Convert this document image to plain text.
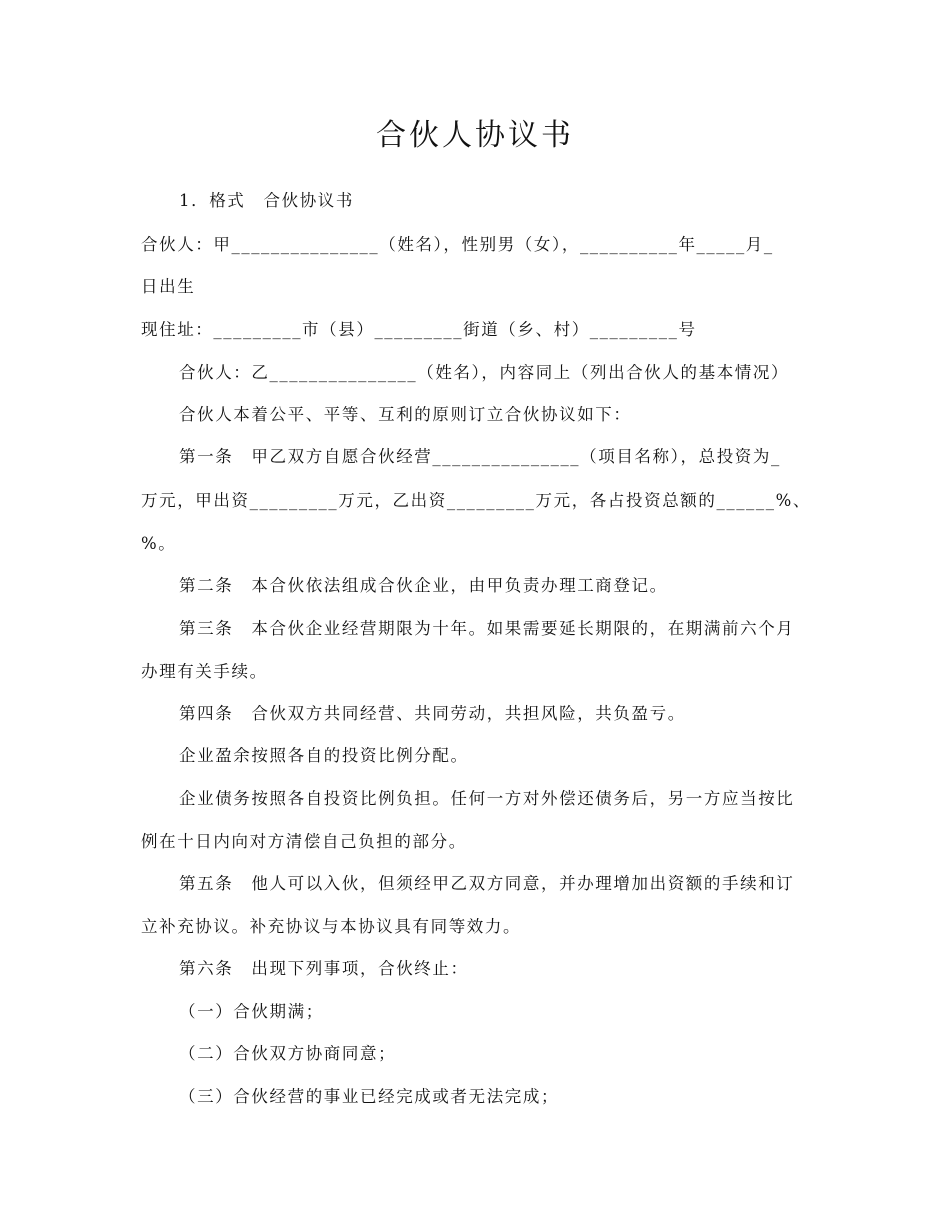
合伙人协议书
1．格式　合伙协议书
合伙人：甲_______________（姓名），性别男（女），__________年_____月_
日出生
现住址：_________市（县）_________街道（乡、村）_________号
合伙人：乙_______________（姓名），内容同上（列出合伙人的基本情况）
合伙人本着公平、平等、互利的原则订立合伙协议如下：
第一条　甲乙双方自愿合伙经营_______________（项目名称），总投资为_
万元，甲出资_________万元，乙出资_________万元，各占投资总额的______%、
%。
第二条　本合伙依法组成合伙企业，由甲负责办理工商登记。
第三条　本合伙企业经营期限为十年。如果需要延长期限的，在期满前六个月
办理有关手续。
第四条　合伙双方共同经营、共同劳动，共担风险，共负盈亏。
企业盈余按照各自的投资比例分配。
企业债务按照各自投资比例负担。任何一方对外偿还债务后，另一方应当按比
例在十日内向对方清偿自己负担的部分。
第五条　他人可以入伙，但须经甲乙双方同意，并办理增加出资额的手续和订
立补充协议。补充协议与本协议具有同等效力。
第六条　出现下列事项，合伙终止：
（一）合伙期满；
（二）合伙双方协商同意；
（三）合伙经营的事业已经完成或者无法完成；
